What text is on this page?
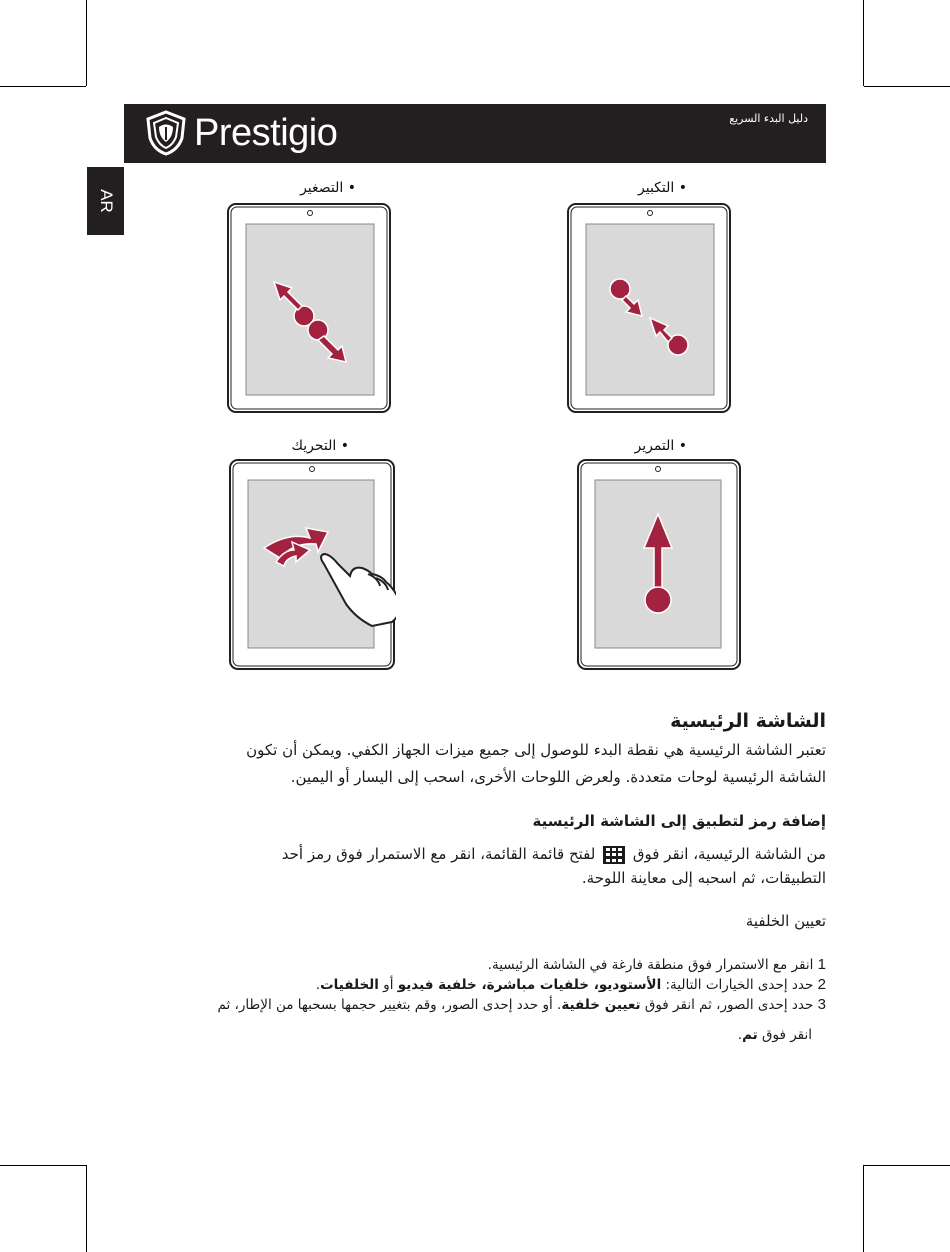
Prestigio	دليل البدء السريع
AR
• التصغير	• التكبير
• التحريك	• التمرير
الشاشة الرئيسية
تعتبر الشاشة الرئيسية هي نقطة البدء للوصول إلى جميع ميزات الجهاز الكفي. ويمكن أن تكون
الشاشة الرئيسية لوحات متعددة. ولعرض اللوحات الأخرى، اسحب إلى اليسار أو اليمين.
إضافة رمز لتطبيق إلى الشاشة الرئيسية
من الشاشة الرئيسية، انقر فوق
لفتح قائمة القائمة، انقر مع الاستمرار فوق رمز أحد
التطبيقات، ثم اسحبه إلى معاينة اللوحة.
تعيين الخلفية
1 انقر مع الاستمرار فوق منطقة فارغة في الشاشة الرئيسية.
2 حدد إحدى الخيارات التالية: الأستوديو، خلفيات مباشرة، خلفية فيديو أو الخلفيات.
3 حدد إحدى الصور، ثم انقر فوق تعيين خلفية. أو حدد إحدى الصور، وقم بتغيير حجمها بسحبها من الإطار، ثم
انقر فوق تم.
